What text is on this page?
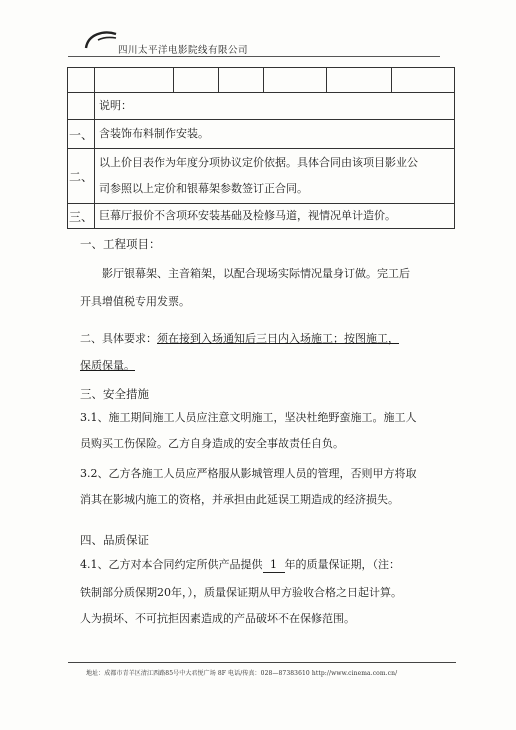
四川太平洋电影院线有限公司

	说明：					
一、	含装饰布料制作安装。					
二、	以上价目表作为年度分项协议定价依据。具体合同由该项目影业公
司参照以上定价和银幕架参数签订正合同。					

三、	巨幕厅报价不含项环安装基础及检修马道，视情况单计造价。					
一、工程项目：
影厅银幕架、主音箱架，以配合现场实际情况量身订做。完工后
开具增值税专用发票。
二、具体要求：须在接到入场通知后三日内入场施工；按图施工，
保质保量。
三、安全措施
3.1、施工期间施工人员应注意文明施工，坚决杜绝野蛮施工。施工人
员购买工伤保险。乙方自身造成的安全事故责任自负。
3.2、乙方各施工人员应严格服从影城管理人员的管理，否则甲方将取
消其在影城内施工的资格，并承担由此延误工期造成的经济损失。
四、品质保证
4.1、乙方对本合同约定所供产品提供 1 年的质量保证期，（注：
铁制部分质保期20年，），质量保证期从甲方验收合格之日起计算。
人为损坏、不可抗拒因素造成的产品破坏不在保修范围。
地址：成都市青羊区清江西路85号中大君悦广场 8F 电话/传真：028—87383610 http://www.cinema.com.cn/
